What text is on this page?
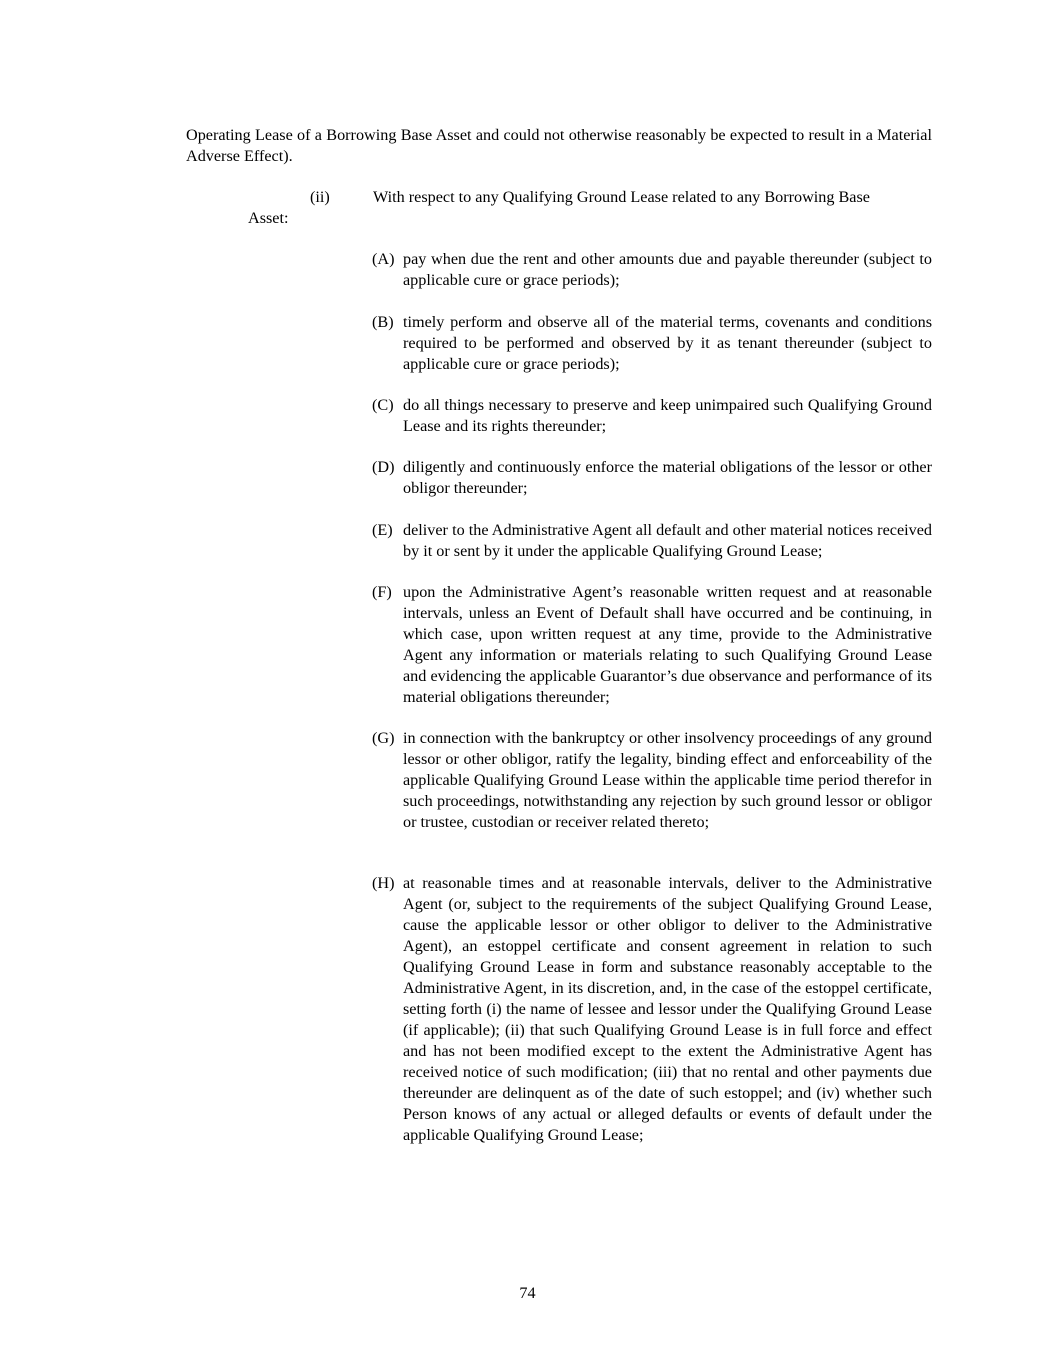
Operating Lease of a Borrowing Base Asset and could not otherwise reasonably be expected to result in a Material Adverse Effect).

(ii)	With respect to any Qualifying Ground Lease related to any Borrowing Base
Asset:
(A) pay when due the rent and other amounts due and payable thereunder (subject to applicable cure or grace periods);
(B) timely perform and observe all of the material terms, covenants and conditions required to be performed and observed by it as tenant thereunder (subject to applicable cure or grace periods);
(C) do all things necessary to preserve and keep unimpaired such Qualifying Ground Lease and its rights thereunder;
(D) diligently and continuously enforce the material obligations of the lessor or other obligor thereunder;
(E) deliver to the Administrative Agent all default and other material notices received by it or sent by it under the applicable Qualifying Ground Lease;
(F) upon the Administrative Agent’s reasonable written request and at reasonable intervals, unless an Event of Default shall have occurred and be continuing, in which case, upon written request at any time, provide to the Administrative Agent any information or materials relating to such Qualifying Ground Lease and evidencing the applicable Guarantor’s due observance and performance of its material obligations thereunder;
(G) in connection with the bankruptcy or other insolvency proceedings of any ground lessor or other obligor, ratify the legality, binding effect and enforceability of the applicable Qualifying Ground Lease within the applicable time period therefor in such proceedings, notwithstanding any rejection by such ground lessor or obligor or trustee, custodian or receiver related thereto;
(H) at reasonable times and at reasonable intervals, deliver to the Administrative Agent (or, subject to the requirements of the subject Qualifying Ground Lease, cause the applicable lessor or other obligor to deliver to the Administrative Agent), an estoppel certificate and consent agreement in relation to such Qualifying Ground Lease in form and substance reasonably acceptable to the Administrative Agent, in its discretion, and, in the case of the estoppel certificate, setting forth (i) the name of lessee and lessor under the Qualifying Ground Lease (if applicable); (ii) that such Qualifying Ground Lease is in full force and effect and has not been modified except to the extent the Administrative Agent has received notice of such modification; (iii) that no rental and other payments due thereunder are delinquent as of the date of such estoppel; and (iv) whether such Person knows of any actual or alleged defaults or events of default under the applicable Qualifying Ground Lease;
74
